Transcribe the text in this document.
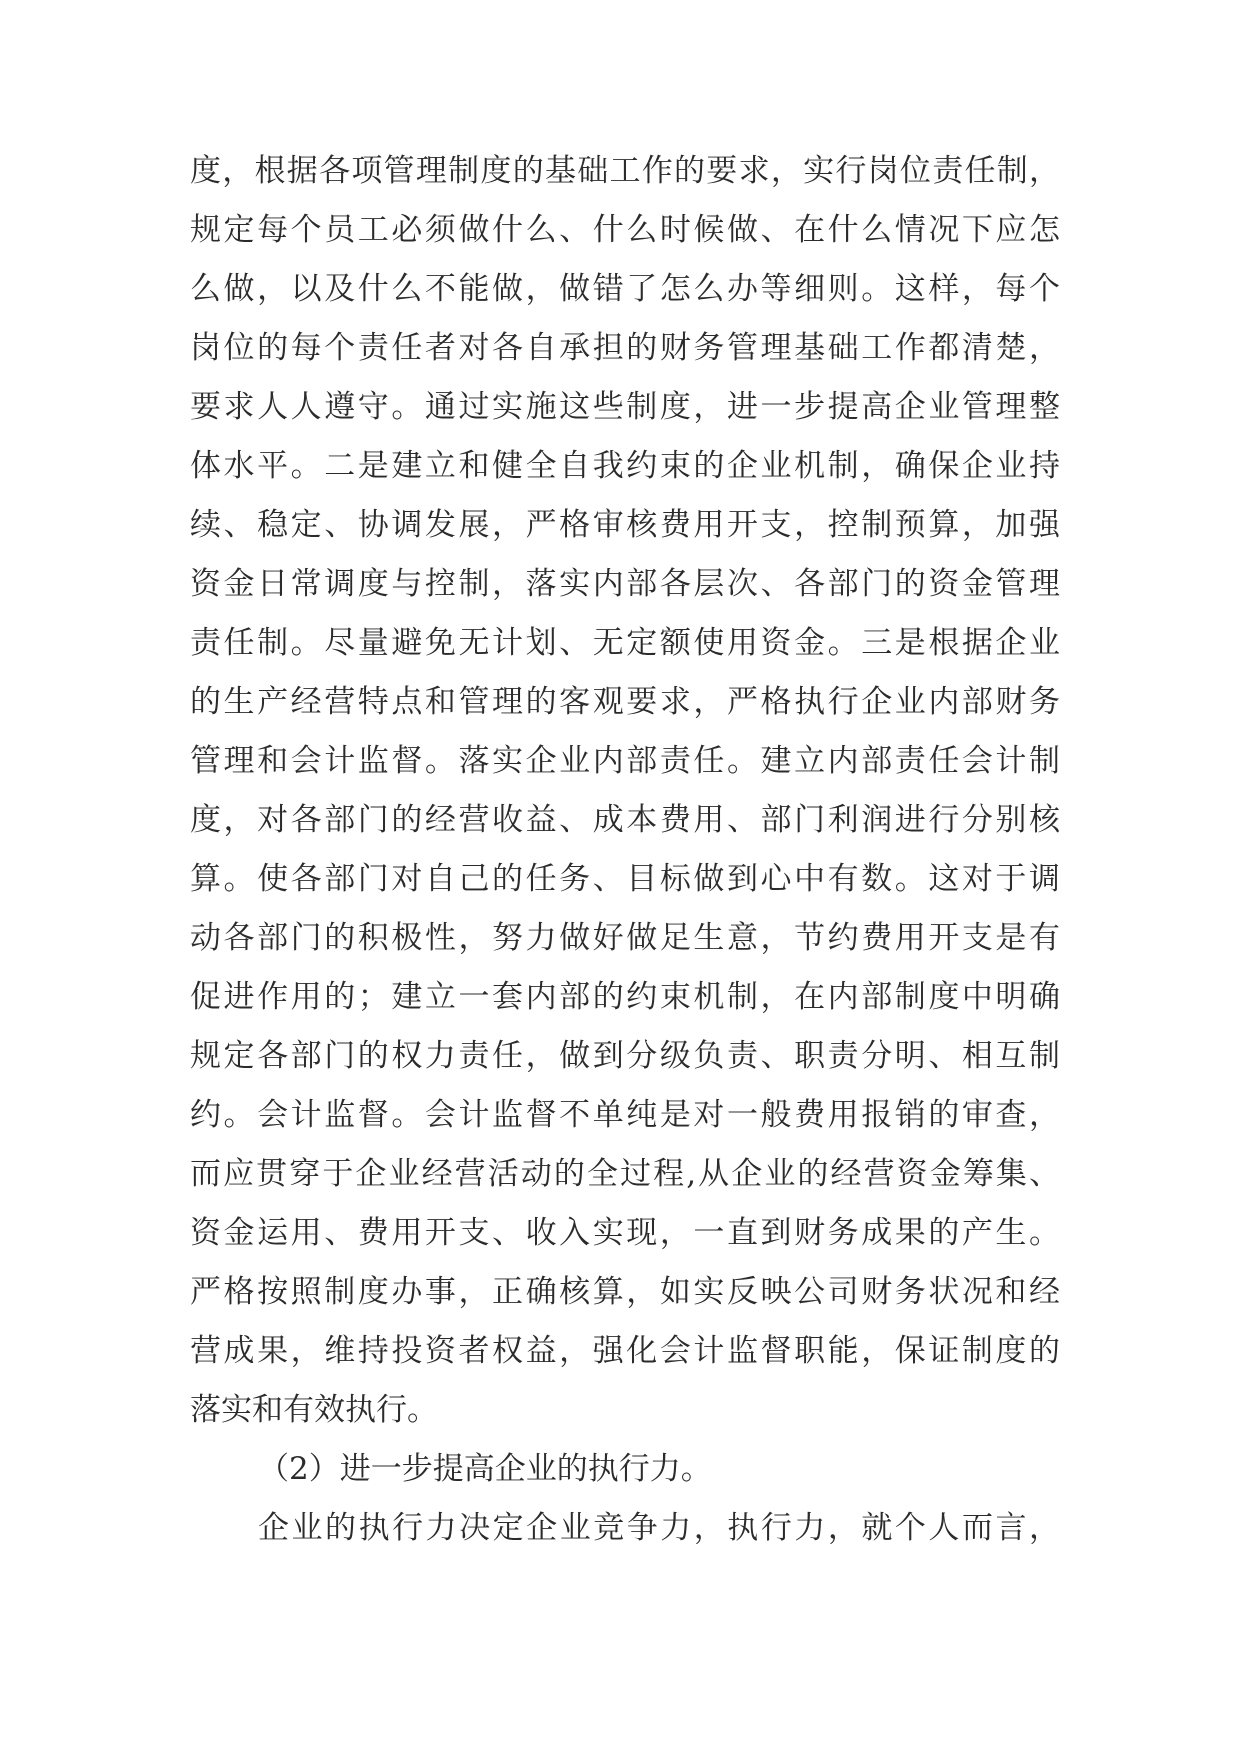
度，根据各项管理制度的基础工作的要求，实行岗位责任制，
规定每个员工必须做什么、什么时候做、在什么情况下应怎
么做，以及什么不能做，做错了怎么办等细则。这样，每个
岗位的每个责任者对各自承担的财务管理基础工作都清楚，
要求人人遵守。通过实施这些制度，进一步提高企业管理整
体水平。二是建立和健全自我约束的企业机制，确保企业持
续、稳定、协调发展，严格审核费用开支，控制预算，加强
资金日常调度与控制，落实内部各层次、各部门的资金管理
责任制。尽量避免无计划、无定额使用资金。三是根据企业
的生产经营特点和管理的客观要求，严格执行企业内部财务
管理和会计监督。落实企业内部责任。建立内部责任会计制
度，对各部门的经营收益、成本费用、部门利润进行分别核
算。使各部门对自己的任务、目标做到心中有数。这对于调
动各部门的积极性，努力做好做足生意，节约费用开支是有
促进作用的；建立一套内部的约束机制，在内部制度中明确
规定各部门的权力责任，做到分级负责、职责分明、相互制
约。会计监督。会计监督不单纯是对一般费用报销的审查，
而应贯穿于企业经营活动的全过程,从企业的经营资金筹集、
资金运用、费用开支、收入实现，一直到财务成果的产生。
严格按照制度办事，正确核算，如实反映公司财务状况和经
营成果，维持投资者权益，强化会计监督职能，保证制度的
落实和有效执行。
（2）进一步提高企业的执行力。
企业的执行力决定企业竞争力，执行力，就个人而言，
